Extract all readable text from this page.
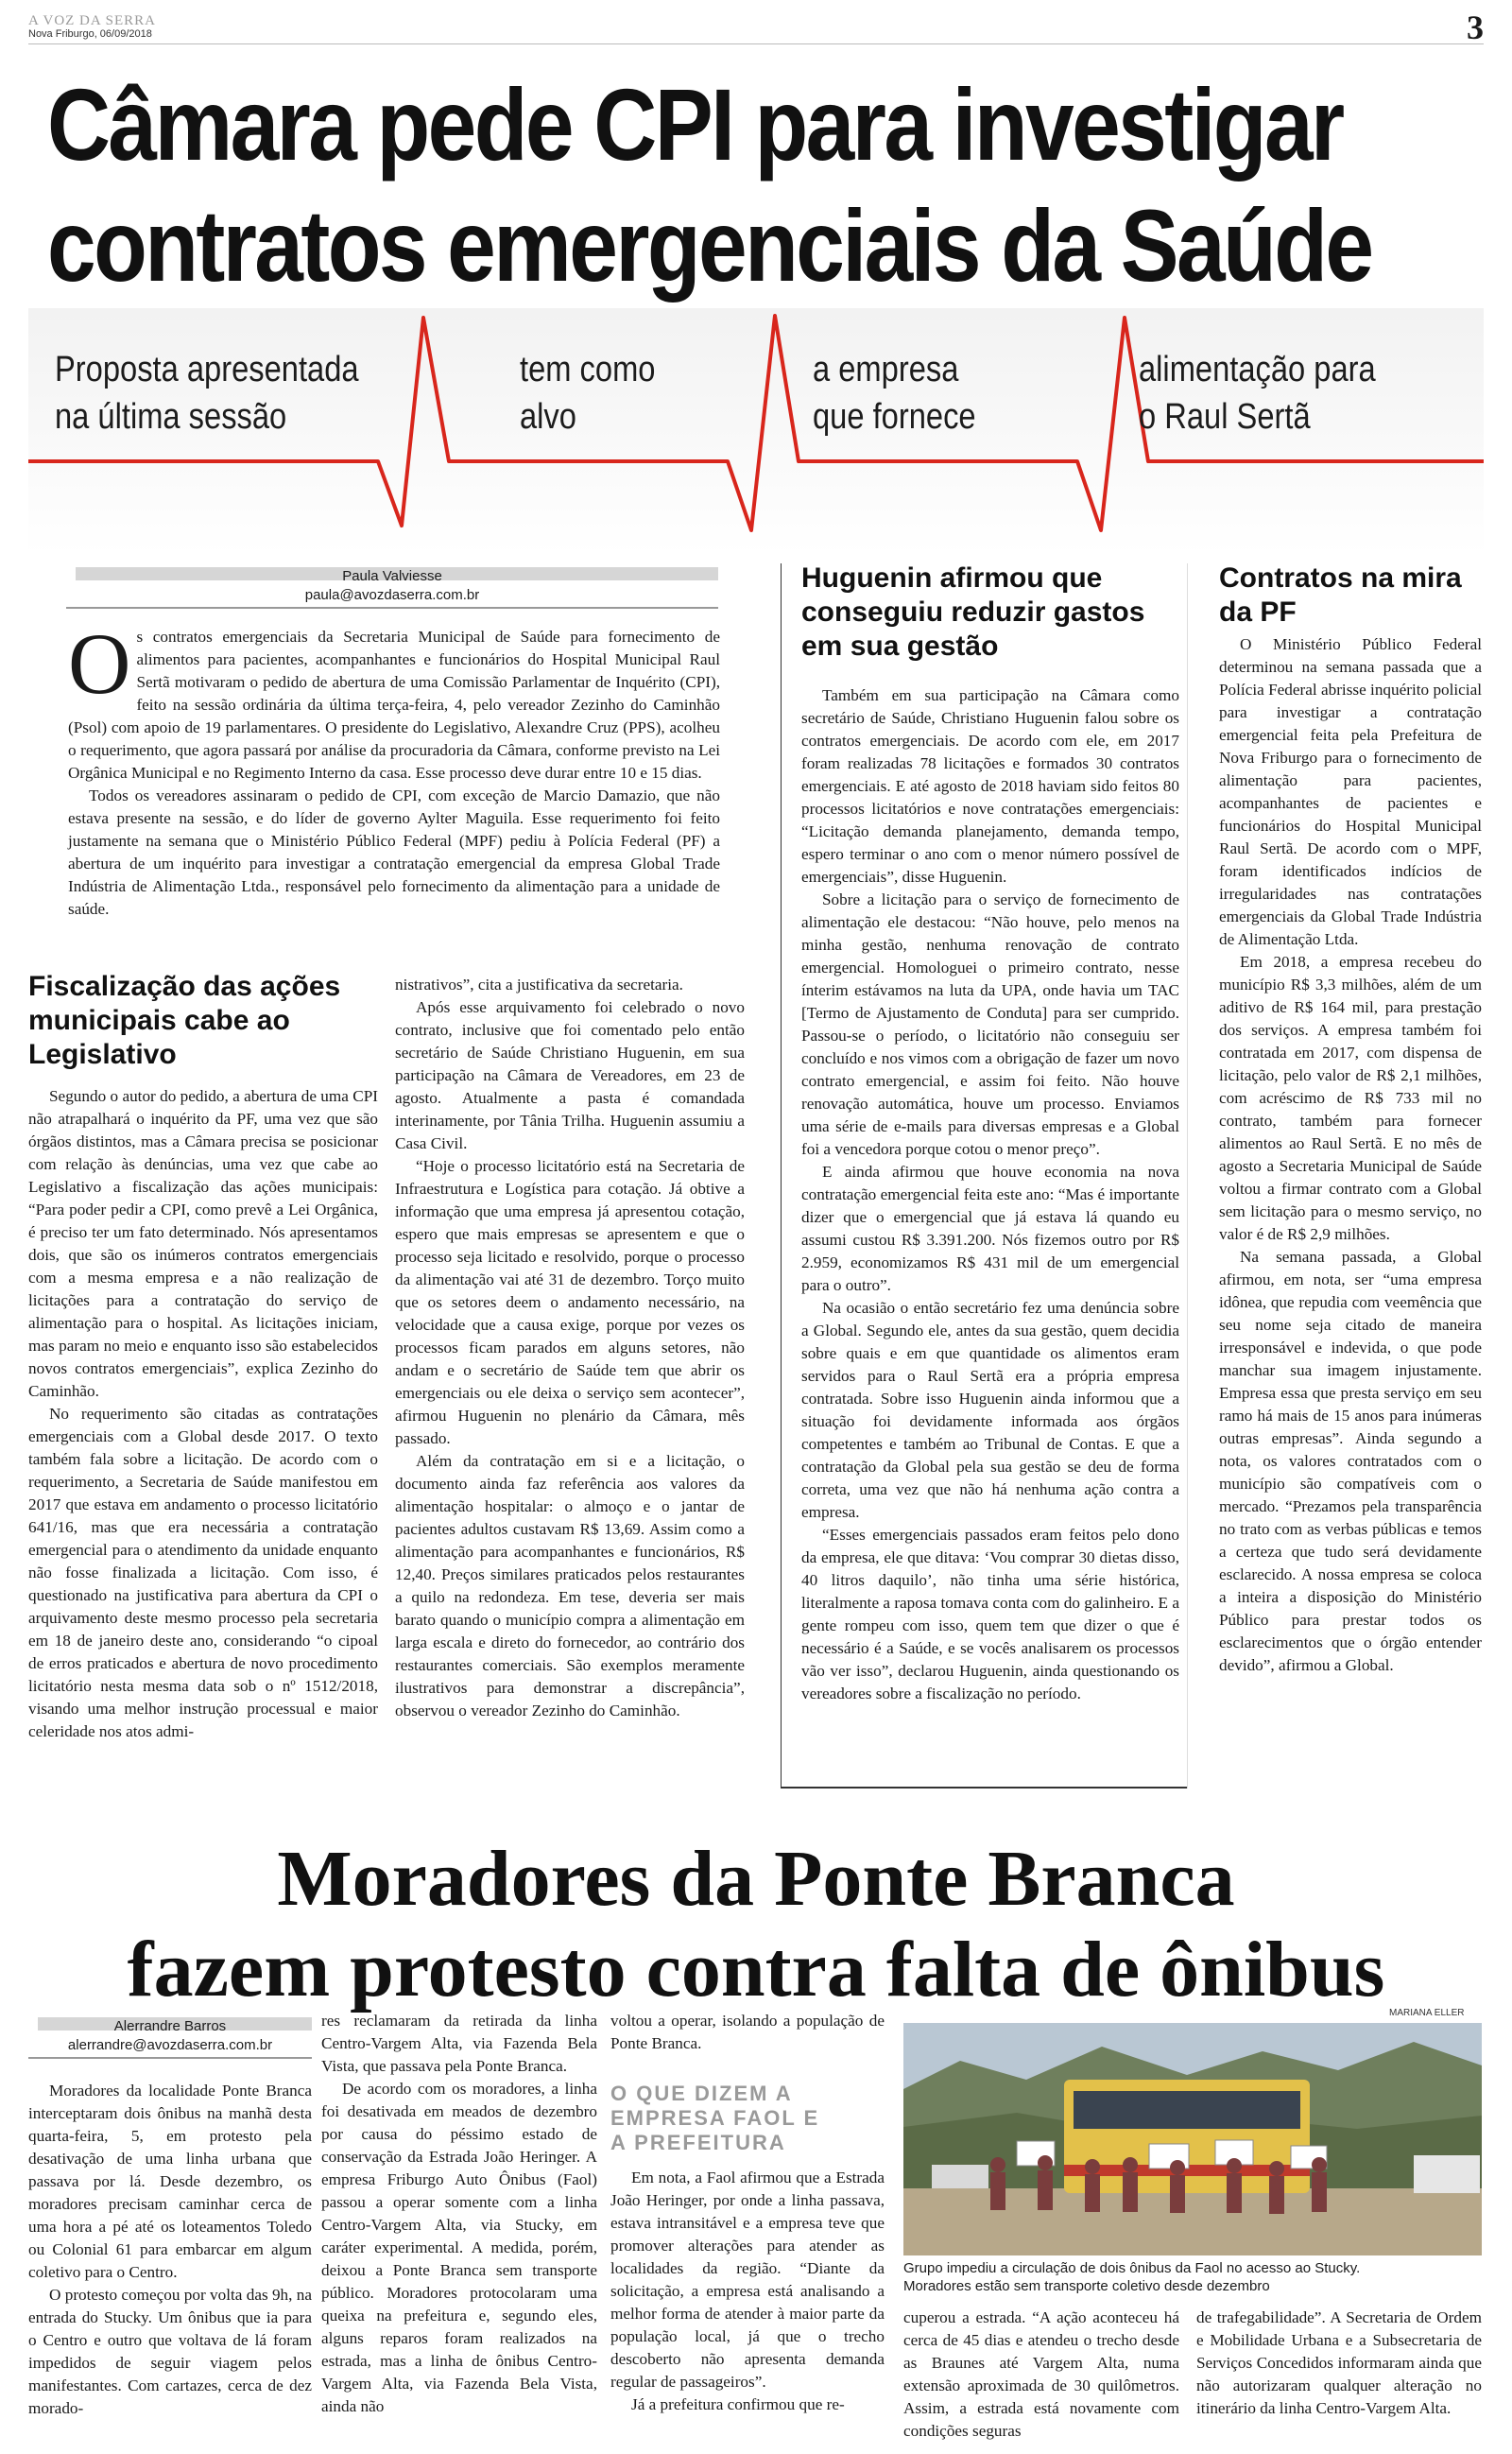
A VOZ DA SERRA
Nova Friburgo, 06/09/2018	3
Câmara pede CPI para investigar
contratos emergenciais da Saúde
Proposta apresentada
na última sessão
tem como
alvo
a empresa
que fornece
alimentação para
o Raul Sertã
Paula Valviesse
paula@avozdaserra.com.br

Os contratos emergenciais da Secretaria Municipal de Saúde para fornecimento de alimentos para pacientes, acompanhantes e funcionários do Hospital Municipal Raul Sertã motivaram o pedido de abertura de uma Comissão Parlamentar de Inquérito (CPI), feito na sessão ordinária da última terça-feira, 4, pelo vereador Zezinho do Caminhão (Psol) com apoio de 19 parlamentares. O presidente do Legislativo, Alexandre Cruz (PPS), acolheu o requerimento, que agora passará por análise da procuradoria da Câmara, conforme previsto na Lei Orgânica Municipal e no Regimento Interno da casa. Esse processo deve durar entre 10 e 15 dias.

Todos os vereadores assinaram o pedido de CPI, com exceção de Marcio Damazio, que não estava presente na sessão, e do líder de governo Aylter Maguila. Esse requerimento foi feito justamente na semana que o Ministério Público Federal (MPF) pediu à Polícia Federal (PF) a abertura de um inquérito para investigar a contratação emergencial da empresa Global Trade Indústria de Alimentação Ltda., responsável pelo fornecimento da alimentação para a unidade de saúde.

Fiscalização das ações municipais cabe ao Legislativo

Segundo o autor do pedido, a abertura de uma CPI não atrapalhará o inquérito da PF, uma vez que são órgãos distintos, mas a Câmara precisa se posicionar com relação às denúncias, uma vez que cabe ao Legislativo a fiscalização das ações municipais: “Para poder pedir a CPI, como prevê a Lei Orgânica, é preciso ter um fato determinado. Nós apresentamos dois, que são os inúmeros contratos emergenciais com a mesma empresa e a não realização de licitações para a contratação do serviço de alimentação para o hospital. As licitações iniciam, mas param no meio e enquanto isso são estabelecidos novos contratos emergenciais”, explica Zezinho do Caminhão.

No requerimento são citadas as contratações emergenciais com a Global desde 2017. O texto também fala sobre a licitação. De acordo com o requerimento, a Secretaria de Saúde manifestou em 2017 que estava em andamento o processo licitatório 641/16, mas que era necessária a contratação emergencial para o atendimento da unidade enquanto não fosse finalizada a licitação. Com isso, é questionado na justificativa para abertura da CPI o arquivamento deste mesmo processo pela secretaria em 18 de janeiro deste ano, considerando “o cipoal de erros praticados e abertura de novo procedimento licitatório nesta mesma data sob o nº 1512/2018, visando uma melhor instrução processual e maior celeridade nos atos admi-

nistrativos”, cita a justificativa da secretaria.

Após esse arquivamento foi celebrado o novo contrato, inclusive que foi comentado pelo então secretário de Saúde Christiano Huguenin, em sua participação na Câmara de Vereadores, em 23 de agosto. Atualmente a pasta é comandada interinamente, por Tânia Trilha. Huguenin assumiu a Casa Civil.

“Hoje o processo licitatório está na Secretaria de Infraestrutura e Logística para cotação. Já obtive a informação que uma empresa já apresentou cotação, espero que mais empresas se apresentem e que o processo seja licitado e resolvido, porque o processo da alimentação vai até 31 de dezembro. Torço muito que os setores deem o andamento necessário, na velocidade que a causa exige, porque por vezes os processos ficam parados em alguns setores, não andam e o secretário de Saúde tem que abrir os emergenciais ou ele deixa o serviço sem acontecer”, afirmou Huguenin no plenário da Câmara, mês passado.

Além da contratação em si e a licitação, o documento ainda faz referência aos valores da alimentação hospitalar: o almoço e o jantar de pacientes adultos custavam R$ 13,69. Assim como a alimentação para acompanhantes e funcionários, R$ 12,40. Preços similares praticados pelos restaurantes a quilo na redondeza. Em tese, deveria ser mais barato quando o município compra a alimentação em larga escala e direto do fornecedor, ao contrário dos restaurantes comerciais. São exemplos meramente ilustrativos para demonstrar a discrepância”, observou o vereador Zezinho do Caminhão.

Huguenin afirmou que conseguiu reduzir gastos em sua gestão

Também em sua participação na Câmara como secretário de Saúde, Christiano Huguenin falou sobre os contratos emergenciais. De acordo com ele, em 2017 foram realizadas 78 licitações e formados 30 contratos emergenciais. E até agosto de 2018 haviam sido feitos 80 processos licitatórios e nove contratações emergenciais: “Licitação demanda planejamento, demanda tempo, espero terminar o ano com o menor número possível de emergenciais”, disse Huguenin.

Sobre a licitação para o serviço de fornecimento de alimentação ele destacou: “Não houve, pelo menos na minha gestão, nenhuma renovação de contrato emergencial. Homologuei o primeiro contrato, nesse ínterim estávamos na luta da UPA, onde havia um TAC [Termo de Ajustamento de Conduta] para ser cumprido. Passou-se o período, o licitatório não conseguiu ser concluído e nos vimos com a obrigação de fazer um novo contrato emergencial, e assim foi feito. Não houve renovação automática, houve um processo. Enviamos uma série de e-mails para diversas empresas e a Global foi a vencedora porque cotou o menor preço”.

E ainda afirmou que houve economia na nova contratação emergencial feita este ano: “Mas é importante dizer que o emergencial que já estava lá quando eu assumi custou R$ 3.391.200. Nós fizemos outro por R$ 2.959, economizamos R$ 431 mil de um emergencial para o outro”.

Na ocasião o então secretário fez uma denúncia sobre a Global. Segundo ele, antes da sua gestão, quem decidia sobre quais e em que quantidade os alimentos eram servidos para o Raul Sertã era a própria empresa contratada. Sobre isso Huguenin ainda informou que a situação foi devidamente informada aos órgãos competentes e também ao Tribunal de Contas. E que a contratação da Global pela sua gestão se deu de forma correta, uma vez que não há nenhuma ação contra a empresa.

“Esses emergenciais passados eram feitos pelo dono da empresa, ele que ditava: ‘Vou comprar 30 dietas disso, 40 litros daquilo’, não tinha uma série histórica, literalmente a raposa tomava conta com do galinheiro. E a gente rompeu com isso, quem tem que dizer o que é necessário é a Saúde, e se vocês analisarem os processos vão ver isso”, declarou Huguenin, ainda questionando os vereadores sobre a fiscalização no período.

Contratos na mira da PF

O Ministério Público Federal determinou na semana passada que a Polícia Federal abrisse inquérito policial para investigar a contratação emergencial feita pela Prefeitura de Nova Friburgo para o fornecimento de alimentação para pacientes, acompanhantes de pacientes e funcionários do Hospital Municipal Raul Sertã. De acordo com o MPF, foram identificados indícios de irregularidades nas contratações emergenciais da Global Trade Indústria de Alimentação Ltda.

Em 2018, a empresa recebeu do município R$ 3,3 milhões, além de um aditivo de R$ 164 mil, para prestação dos serviços. A empresa também foi contratada em 2017, com dispensa de licitação, pelo valor de R$ 2,1 milhões, com acréscimo de R$ 733 mil no contrato, também para fornecer alimentos ao Raul Sertã. E no mês de agosto a Secretaria Municipal de Saúde voltou a firmar contrato com a Global sem licitação para o mesmo serviço, no valor é de R$ 2,9 milhões.

Na semana passada, a Global afirmou, em nota, ser “uma empresa idônea, que repudia com veemência que seu nome seja citado de maneira irresponsável e indevida, o que pode manchar sua imagem injustamente. Empresa essa que presta serviço em seu ramo há mais de 15 anos para inúmeras outras empresas”. Ainda segundo a nota, os valores contratados com o município são compatíveis com o mercado. “Prezamos pela transparência no trato com as verbas públicas e temos a certeza que tudo será devidamente esclarecido. A nossa empresa se coloca a inteira a disposição do Ministério Público para prestar todos os esclarecimentos que o órgão entender devido”, afirmou a Global.

Moradores da Ponte Branca
fazem protesto contra falta de ônibus
Alerrandre Barros
alerrandre@avozdaserra.com.br

Moradores da localidade Ponte Branca interceptaram dois ônibus na manhã desta quarta-feira, 5, em protesto pela desativação de uma linha urbana que passava por lá. Desde dezembro, os moradores precisam caminhar cerca de uma hora a pé até os loteamentos Toledo ou Colonial 61 para embarcar em algum coletivo para o Centro.

O protesto começou por volta das 9h, na entrada do Stucky. Um ônibus que ia para o Centro e outro que voltava de lá foram impedidos de seguir viagem pelos manifestantes. Com cartazes, cerca de dez morado-

res reclamaram da retirada da linha Centro-Vargem Alta, via Fazenda Bela Vista, que passava pela Ponte Branca.

De acordo com os moradores, a linha foi desativada em meados de dezembro por causa do péssimo estado de conservação da Estrada João Heringer. A empresa Friburgo Auto Ônibus (Faol) passou a operar somente com a linha Centro-Vargem Alta, via Stucky, em caráter experimental. A medida, porém, deixou a Ponte Branca sem transporte público. Moradores protocolaram uma queixa na prefeitura e, segundo eles, alguns reparos foram realizados na estrada, mas a linha de ônibus Centro-Vargem Alta, via Fazenda Bela Vista, ainda não

voltou a operar, isolando a população de Ponte Branca.

O QUE DIZEM A
EMPRESA FAOL E
A PREFEITURA

Em nota, a Faol afirmou que a Estrada João Heringer, por onde a linha passava, estava intransitável e a empresa teve que promover alterações para atender as localidades da região. “Diante da solicitação, a empresa está analisando a melhor forma de atender à maior parte da população local, já que o trecho descoberto não apresenta demanda regular de passageiros”.

Já a prefeitura confirmou que re-

MARIANA ELLER
Grupo impediu a circulação de dois ônibus da Faol no acesso ao Stucky.
Moradores estão sem transporte coletivo desde dezembro

cuperou a estrada. “A ação aconteceu há cerca de 45 dias e atendeu o trecho desde as Braunes até Vargem Alta, numa extensão aproximada de 30 quilômetros. Assim, a estrada está novamente com condições seguras

de trafegabilidade”. A Secretaria de Ordem e Mobilidade Urbana e a Subsecretaria de Serviços Concedidos informaram ainda que não autorizaram qualquer alteração no itinerário da linha Centro-Vargem Alta.
